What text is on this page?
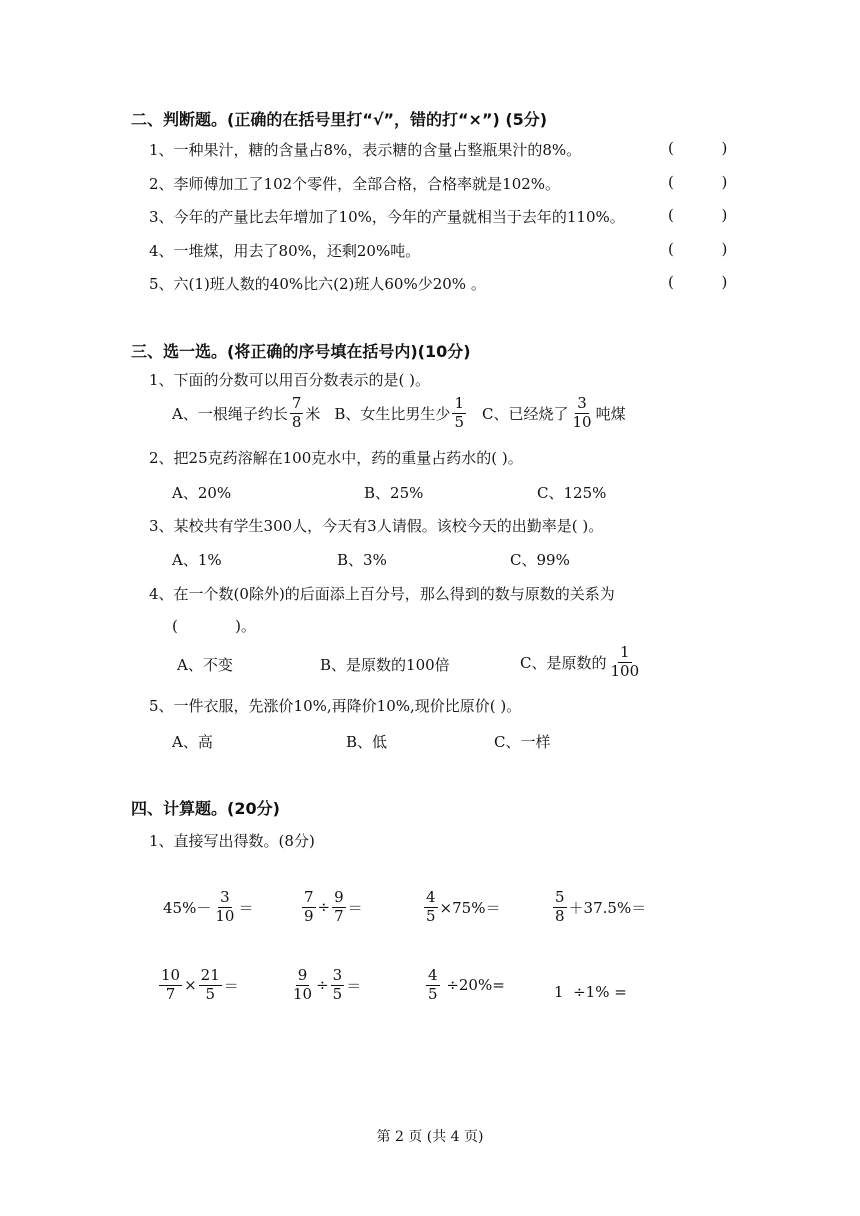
二、判断题。(正确的在括号里打“√”，错的打“×”) (5分)
1、一种果汁，糖的含量占8%，表示糖的含量占整瓶果汁的8%。	(          )
2、李师傅加工了102个零件，全部合格，合格率就是102%。	(          )
3、今年的产量比去年增加了10%，今年的产量就相当于去年的110%。	(          )
4、一堆煤，用去了80%，还剩20%吨。	(          )
5、六(1)班人数的40%比六(2)班人60%少20% 。	(          )
三、选一选。(将正确的序号填在括号内)(10分)
1、下面的分数可以用百分数表示的是( )。
A、一根绳子约长 $\frac{7}{8}$ 米 B、女生比男生少 $\frac{1}{5}$ C、已经烧了 $\frac{3}{10}$ 吨煤
2、把25克药溶解在100克水中，药的重量占药水的( )。
A、20%	B、25%	C、125%
3、某校共有学生300人，今天有3人请假。该校今天的出勤率是( )。
A、1%	B、3%	C、99%
4、在一个数(0除外)的后面添上百分号，那么得到的数与原数的关系为
(            )。
A、不变	B、是原数的100倍	C、是原数的 $\frac{1}{100}$
5、一件衣服，先涨价10%,再降价10%,现价比原价( )。
A、高	B、低	C、一样
四、计算题。(20分)
1、直接写出得数。(8分)
$45\%- \frac{3}{10}$ ＝	$\frac{7}{9} \div \frac{9}{7}$ ＝	$\frac{4}{5} \times 75\%=$	$\frac{5}{8} +37.5\%=$
$\frac{10}{7} \times \frac{21}{5}$ ＝	$\frac{9}{10} \div \frac{3}{5}$ ＝	$\frac{4}{5} \div 20\%=$	1  ÷1% =
第 2 页 (共 4 页)
